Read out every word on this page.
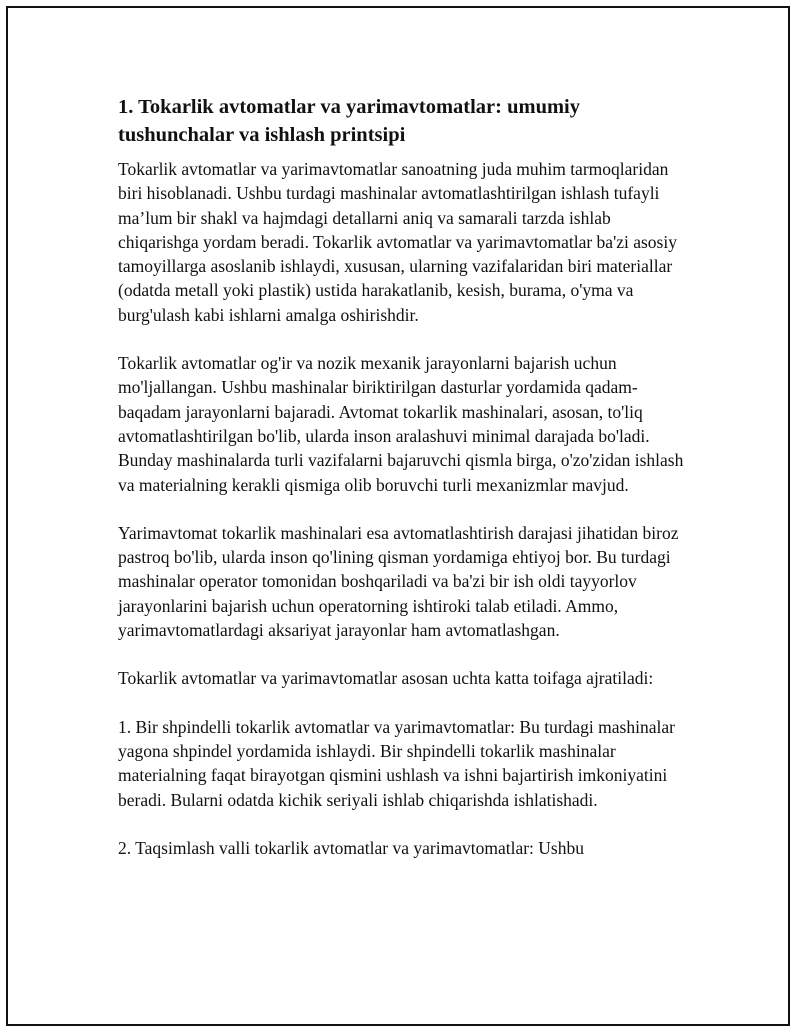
1. Tokarlik avtomatlar va yarimavtomatlar: umumiy tushunchalar va ishlash printsipi

Tokarlik avtomatlar va yarimavtomatlar sanoatning juda muhim tarmoqlaridan biri hisoblanadi. Ushbu turdagi mashinalar avtomatlashtirilgan ishlash tufayli ma’lum bir shakl va hajmdagi detallarni aniq va samarali tarzda ishlab chiqarishga yordam beradi. Tokarlik avtomatlar va yarimavtomatlar ba'zi asosiy tamoyillarga asoslanib ishlaydi, xususan, ularning vazifalaridan biri materiallar (odatda metall yoki plastik) ustida harakatlanib, kesish, burama, o'yma va burg'ulash kabi ishlarni amalga oshirishdir.

Tokarlik avtomatlar og'ir va nozik mexanik jarayonlarni bajarish uchun mo'ljallangan. Ushbu mashinalar biriktirilgan dasturlar yordamida qadam-baqadam jarayonlarni bajaradi. Avtomat tokarlik mashinalari, asosan, to'liq avtomatlashtirilgan bo'lib, ularda inson aralashuvi minimal darajada bo'ladi. Bunday mashinalarda turli vazifalarni bajaruvchi qismla birga, o'zo'zidan ishlash va materialning kerakli qismiga olib boruvchi turli mexanizmlar mavjud.

Yarimavtomat tokarlik mashinalari esa avtomatlashtirish darajasi jihatidan biroz pastroq bo'lib, ularda inson qo'lining qisman yordamiga ehtiyoj bor. Bu turdagi mashinalar operator tomonidan boshqariladi va ba'zi bir ish oldi tayyorlov jarayonlarini bajarish uchun operatorning ishtiroki talab etiladi. Ammo, yarimavtomatlardagi aksariyat jarayonlar ham avtomatlashgan.

Tokarlik avtomatlar va yarimavtomatlar asosan uchta katta toifaga ajratiladi:

1. Bir shpindelli tokarlik avtomatlar va yarimavtomatlar: Bu turdagi mashinalar yagona shpindel yordamida ishlaydi. Bir shpindelli tokarlik mashinalar materialning faqat birayotgan qismini ushlash va ishni bajartirish imkoniyatini beradi. Bularni odatda kichik seriyali ishlab chiqarishda ishlatishadi.

2. Taqsimlash valli tokarlik avtomatlar va yarimavtomatlar: Ushbu
